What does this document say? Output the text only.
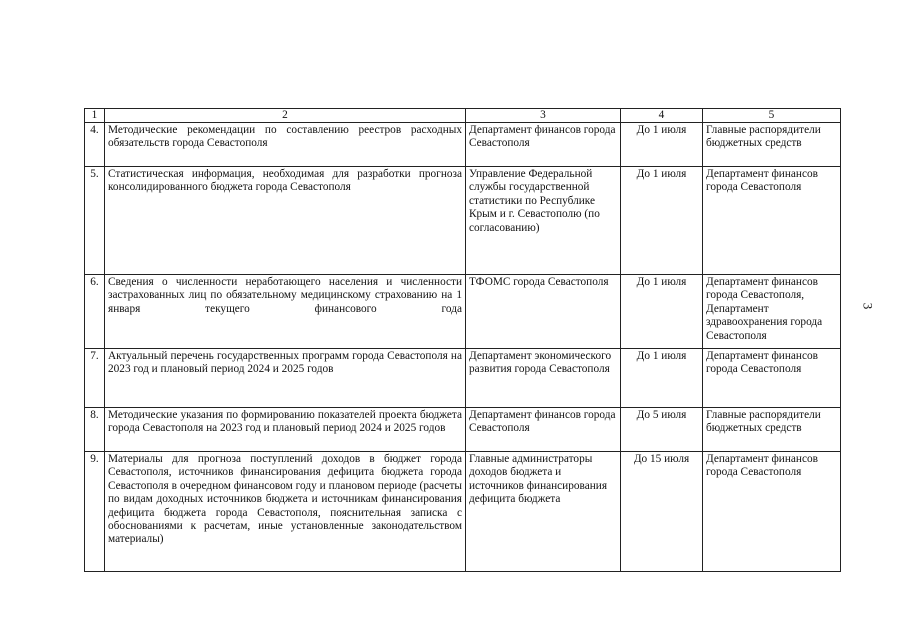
3
1	2	3	4	5
4.	Методические рекомендации по составлению реестров расходных обязательств города Севастополя	Департамент финансов города Севастополя	До 1 июля	Главные распорядители бюджетных средств
5.	Статистическая информация, необходимая для разработки прогноза консолидированного бюджета города Севастополя	Управление Федеральной службы государственной статистики по Республике Крым и г. Севастополю (по согласованию)	До 1 июля	Департамент финансов города Севастополя
6.	Сведения о численности неработающего населения и численности застрахованных лиц по обязательному медицинскому страхованию на 1 января текущего финансового года	ТФОМС города Севастополя	До 1 июля	Департамент финансов города Севастополя, Департамент здравоохранения города Севастополя
7.	Актуальный перечень государственных программ города Севастополя на 2023 год и плановый период 2024 и 2025 годов	Департамент экономического развития города Севастополя	До 1 июля	Департамент финансов города Севастополя
8.	Методические указания по формированию показателей проекта бюджета города Севастополя на 2023 год и плановый период 2024 и 2025 годов	Департамент финансов города Севастополя	До 5 июля	Главные распорядители бюджетных средств
9.	Материалы для прогноза поступлений доходов в бюджет города Севастополя, источников финансирования дефицита бюджета города Севастополя в очередном финансовом году и плановом периоде (расчеты по видам доходных источников бюджета и источникам финансирования дефицита бюджета города Севастополя, пояснительная записка с обоснованиями к расчетам, иные установленные законодательством материалы)	Главные администраторы доходов бюджета и источников финансирования дефицита бюджета	До 15 июля	Департамент финансов города Севастополя
